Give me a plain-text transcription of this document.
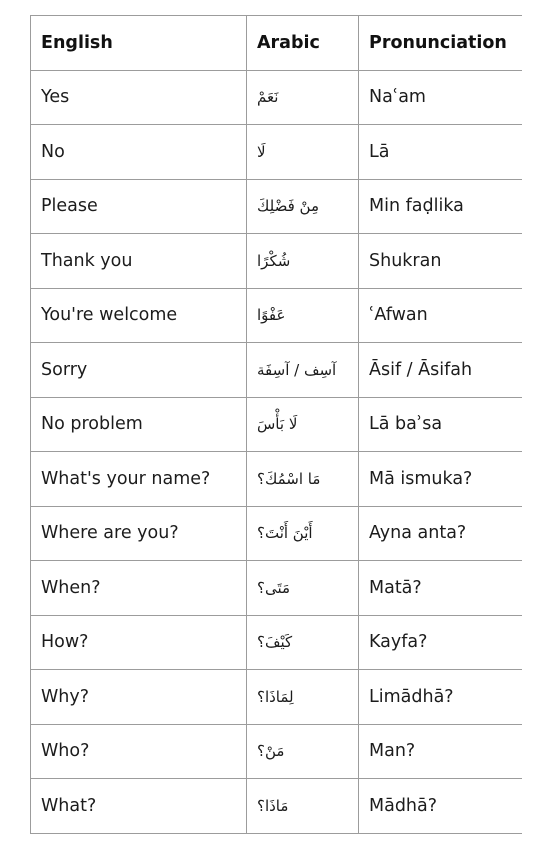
English	Arabic	Pronunciation
Yes	نَعَمْ	Naʿam
No	لَا	Lā
Please	مِنْ فَضْلِكَ	Min faḍlika
Thank you	شُكْرًا	Shukran
You're welcome	عَفْوًا	ʿAfwan
Sorry	آسِف / آسِفَة	Āsif / Āsifah
No problem	لَا بَأْسَ	Lā baʾsa
What's your name?	مَا اسْمُكَ؟	Mā ismuka?
Where are you?	أَيْنَ أَنْتَ؟	Ayna anta?
When?	مَتَى؟	Matā?
How?	كَيْفَ؟	Kayfa?
Why?	لِمَاذَا؟	Limādhā?
Who?	مَنْ؟	Man?
What?	مَاذَا؟	Mādhā?
